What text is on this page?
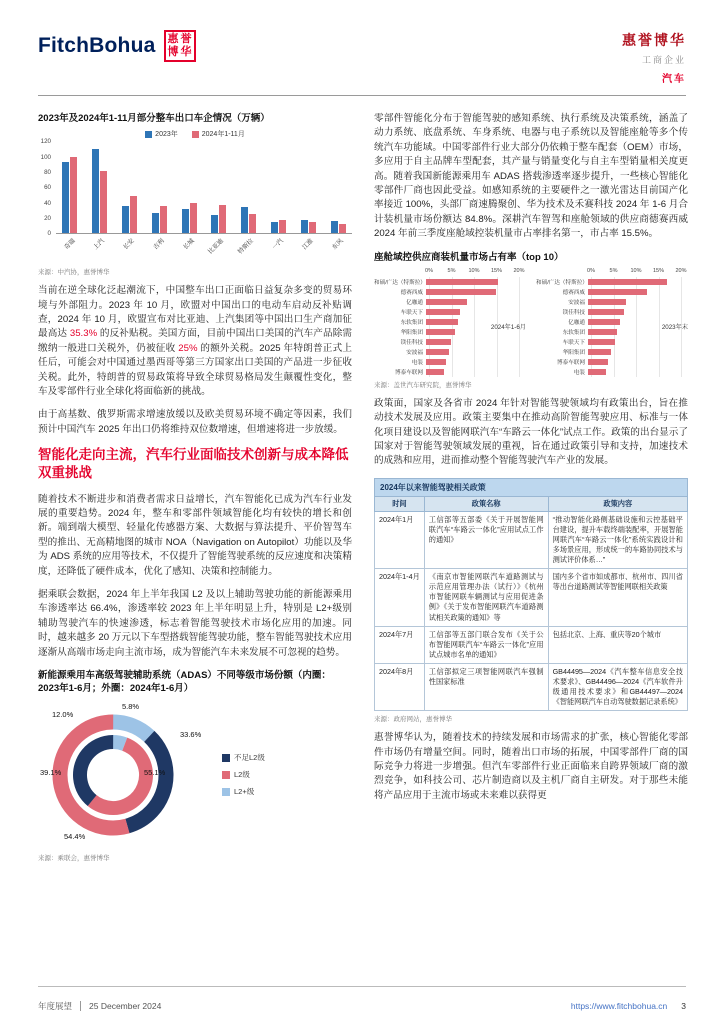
FitchBohua 惠 誉
博 华
惠誉博华
工商企业
汽车
2023年及2024年1-11月部分整车出口车企情况（万辆）
2023年	2024年1-11月
0
20
40
60
80
100
120
奇瑞	上汽	长安	吉利	长城 比亚迪 特斯拉	一汽	江淮	东风
来源：中汽协，惠誉博华

当前在逆全球化泛起潮流下，中国整车出口正面临日益复杂多变的贸易环境与外部阻力。2023 年 10 月，欧盟对中国出口的电动车启动反补贴调查，2024 年 10 月，欧盟宣布对比亚迪、上汽集团等中国出口生产商加征最高达 35.3% 的反补贴税。美国方面，目前中国出口美国的汽车产品除需缴纳一般进口关税外，仍被征收 25% 的额外关税。2025 年特朗普正式上任后，可能会对中国通过墨西哥等第三方国家出口美国的产品进一步征收关税。此外，特朗普的贸易政策将导致全球贸易格局发生颠覆性变化，整车及零部件行业全球化将面临新的挑战。

由于高基数、俄罗斯需求增速放缓以及欧美贸易环境不确定等因素，我们预计中国汽车 2025 年出口仍将维持双位数增速，但增速将进一步放缓。

智能化走向主流，汽车行业面临技术创新与成本降低双重挑战

随着技术不断进步和消费者需求日益增长，汽车智能化已成为汽车行业发展的重要趋势。2024 年，整车和零部件领域智能化均有较快的增长和创新。端到端大模型、轻量化传感器方案、大数据与算法提升、平价智驾车型的推出、无高精地图的城市 NOA（Navigation on Autopilot）功能以及华为 ADS 系统的应用等技术，不仅提升了智能驾驶系统的反应速度和决策精度，还降低了硬件成本，优化了感知、决策和控制能力。

据乘联会数据，2024 年上半年我国 L2 及以上辅助驾驶功能的新能源乘用车渗透率达 66.4%，渗透率较 2023 年上半年明显上升，特别是 L2+级别辅助驾驶汽车的快速渗透，标志着智能驾驶技术市场化应用的加速。同时，越来越多 20 万元以下车型搭载智能驾驶功能，整车智能驾驶技术应用逐渐从高端市场走向主流市场，成为智能汽车未来发展不可忽视的趋势。

新能源乘用车高级驾驶辅助系统（ADAS）不同等级市场份额（内圈：2023年1-6月；外圈：2024年1-6月）
12.0%
5.8%
33.6%
55.1%
39.1%
54.4%
不足L2级
L2级
L2+级
来源：乘联会，惠誉博华

零部件智能化分布于智能驾驶的感知系统、执行系统及决策系统，涵盖了动力系统、底盘系统、车身系统、电器与电子系统以及智能座舱等多个传统汽车功能域。中国零部件行业大部分仍依赖于整车配套（OEM）市场，多应用于自主品牌车型配套，其产量与销量变化与自主车型销量相关度更高。随着我国新能源乘用车 ADAS 搭载渗透率逐步提升，一些核心智能化零部件厂商也因此受益。如感知系统的主要硬件之一激光雷达目前国产化率接近 100%，头部厂商速腾聚创、华为技术及禾赛科技 2024 年 1-6 月合计装机量市场份额达 84.8%。深耕汽车智驾和座舱领域的供应商德赛西威 2024 年前三季度座舱域控装机量市占率排名第一，市占率 15.5%。

座舱域控供应商装机量市场占有率（top 10）
0%	5% 10% 15% 20%
和硕/广达（特斯拉）
德赛西威
亿咖通
车联天下
东软集团
华阳集团
镁佳科技
安波福
电装
博泰车联网
2024年1-6月
0%	5% 10% 15% 20%
和硕/广达（特斯拉）
德赛西威
安波福
镁佳科技
亿咖通
东软集团
车联天下
华阳集团
博泰车联网
电装
2023年末
来源：盖世汽车研究院，惠誉博华

政策面，国家及各省市 2024 年针对智能驾驶领域均有政策出台，旨在推动技术发展及应用。政策主要集中在推动高阶智能驾驶应用、标准与一体化项目建设以及智能网联汽车“车路云一体化”试点工作。政策的出台显示了国家对于智能驾驶领域发展的重视，旨在通过政策引导和支持，加速技术的成熟和应用，进而推动整个智能驾驶汽车产业的发展。

2024年以来智能驾驶相关政策
时间	政策名称	政策内容
2024年1月	工信部等五部委《关于开展智能网联汽车“车路云一体化”应用试点工作的通知》	“推动智能化路侧基础设施和云控基础平台建设，提升车载终端装配率，开展智能网联汽车“车路云一体化”系统实践设计和多场景应用，形成统一的车路协同技术与测试评价体系…”
2024年1-4月	《南京市智能网联汽车道路测试与示范应用管理办法（试行）》《杭州市智能网联车辆测试与应用促进条例》《关于发布智能网联汽车道路测试相关政策的通知》等	国内多个省市如成都市、杭州市、四川省等出台道路测试等智能网联相关政策
2024年7月	工信部等五部门联合发布《关于公布智能网联汽车“车路云一体化”应用试点城市名单的通知》	包括北京、上海、重庆等20个城市
2024年8月	工信部拟定三项智能网联汽车强制性国家标准	GB44495—2024《汽车整车信息安全技术要求》、GB44496—2024《汽车软件升级通用技术要求》和GB44497—2024《智能网联汽车自动驾驶数据记录系统》
来源：政府网站，惠誉博华

惠誉博华认为，随着技术的持续发展和市场需求的扩张，核心智能化零部件市场仍有增量空间。同时，随着出口市场的拓展，中国零部件厂商的国际竞争力将进一步增强。但汽车零部件行业正面临来自跨界领域厂商的激烈竞争，如科技公司、芯片制造商以及主机厂商自主研发。对于那些未能将产品应用于主流市场或未来难以获得更

年度展望 25 December 2024	https://www.fitchbohua.cn 3
